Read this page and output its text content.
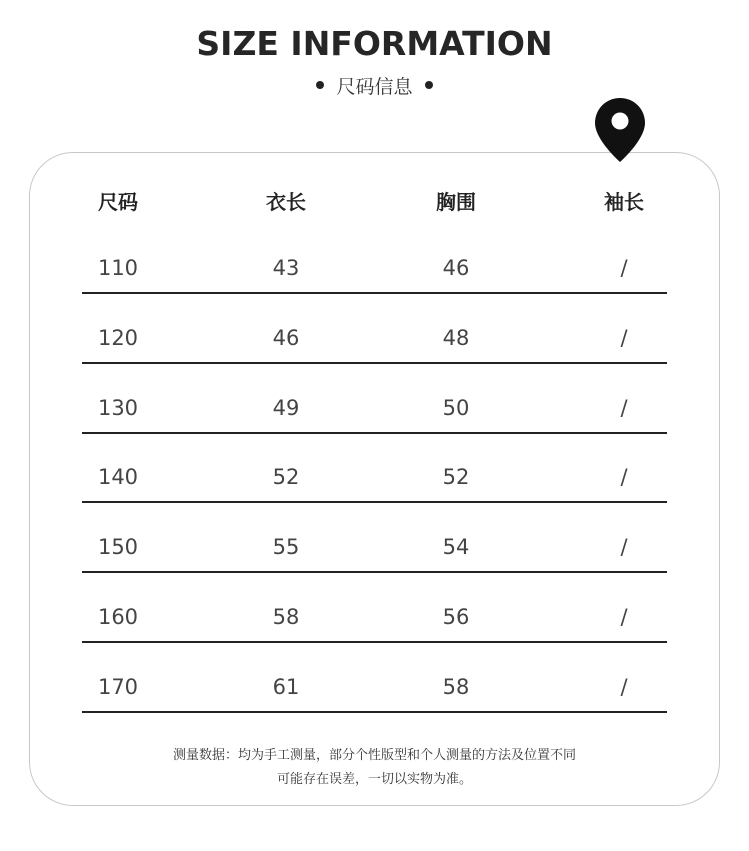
SIZE INFORMATION
尺码信息
尺码	衣长	胸围	袖长
110	43	46	/
120	46	48	/
130	49	50	/
140	52	52	/
150	55	54	/
160	58	56	/
170	61	58	/
测量数据：均为手工测量，部分个性版型和个人测量的方法及位置不同
可能存在误差，一切以实物为准。
